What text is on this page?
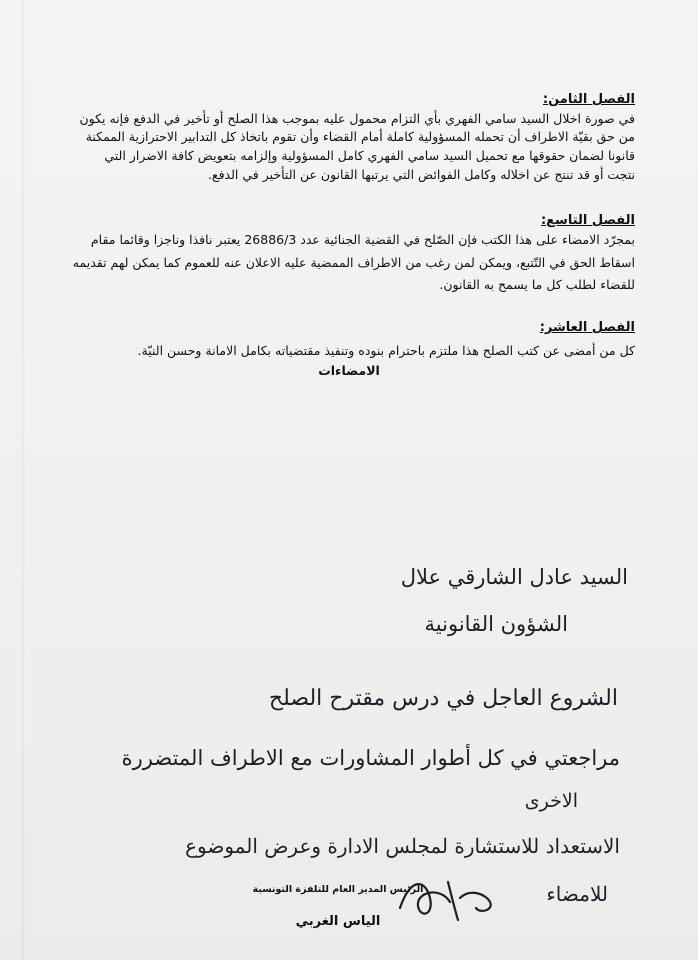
الفصل الثامن:
في صورة اخلال السيد سامي الفهري بأي التزام محمول عليه بموجب هذا الصلح أو تأخير في الدفع فإنه يكون
من حق بقيّة الاطراف أن تحمله المسؤولية كاملة أمام القضاء وأن تقوم باتخاذ كل التدابير الاحترازية الممكنة
قانونا لضمان حقوقها مع تحميل السيد سامي الفهري كامل المسؤولية وإلزامه بتعويض كافة الاضرار التي
نتجت أو قد تنتج عن اخلاله وكامل الفوائض التي يرتبها القانون عن التأخير في الدفع.
الفصل التاسع:
بمجرّد الامضاء على هذا الكتب فإن الصّلح في القضية الجنائية عدد 26886/3 يعتبر نافذا وناجزا وقائما مقام
اسقاط الحق في التّتبع، ويمكن لمن رغب من الاطراف الممضية عليه الاعلان عنه للعموم كما يمكن لهم تقديمه
للقضاء لطلب كل ما يسمح به القانون.
الفصل العاشر:
كل من أمضى عن كتب الصلح هذا ملتزم باحترام بنوده وتنفيذ مقتضياته بكامل الامانة وحسن النيّة.
الامضاءات
السيد عادل الشارقي علال
الشؤون القانونية
الشروع العاجل في درس مقترح الصلح
مراجعتي في كل أطوار المشاورات مع الاطراف المتضررة
الاخرى
الاستعداد للاستشارة لمجلس الادارة وعرض الموضوع
للامضاء
الرئيس المدير العام للتلفزة التونسية
الياس الغربي
